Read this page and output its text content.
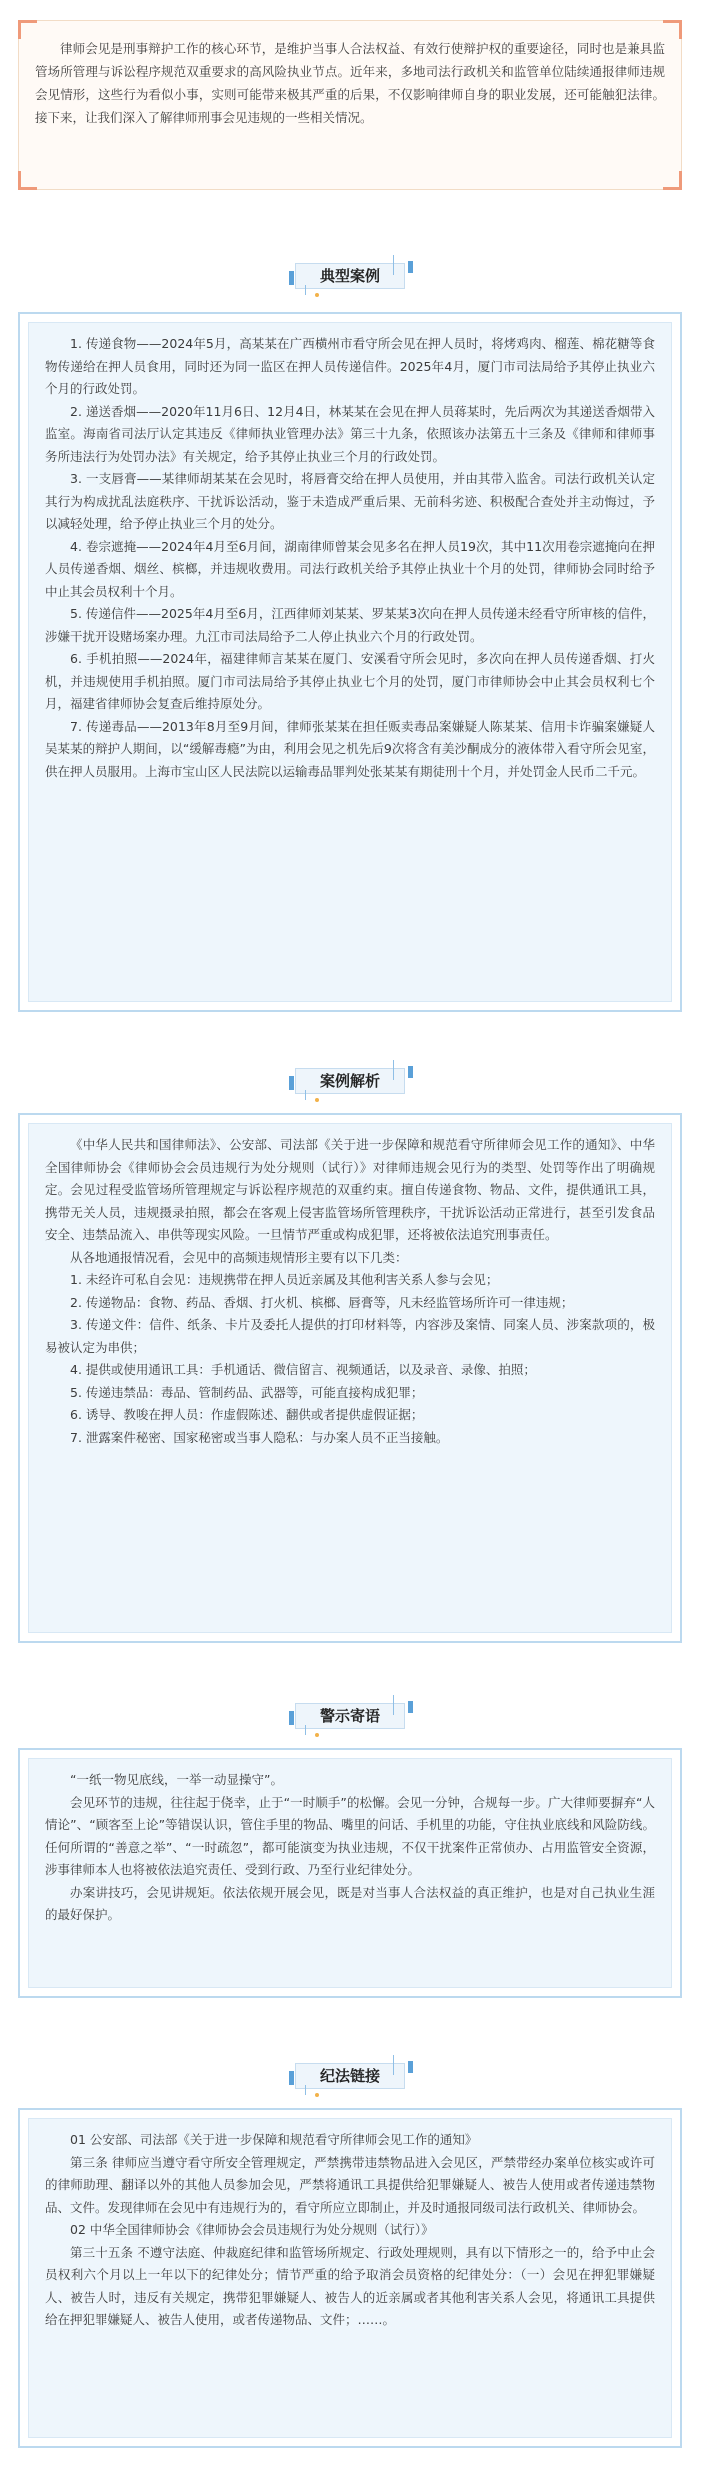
律师会见是刑事辩护工作的核心环节，是维护当事人合法权益、有效行使辩护权的重要途径，同时也是兼具监管场所管理与诉讼程序规范双重要求的高风险执业节点。近年来，多地司法行政机关和监管单位陆续通报律师违规会见情形，这些行为看似小事，实则可能带来极其严重的后果，不仅影响律师自身的职业发展，还可能触犯法律。接下来，让我们深入了解律师刑事会见违规的一些相关情况。

典型案例

1. 传递食物——2024年5月，高某某在广西横州市看守所会见在押人员时，将烤鸡肉、榴莲、棉花糖等食物传递给在押人员食用，同时还为同一监区在押人员传递信件。2025年4月，厦门市司法局给予其停止执业六个月的行政处罚。

2. 递送香烟——2020年11月6日、12月4日，林某某在会见在押人员蒋某时，先后两次为其递送香烟带入监室。海南省司法厅认定其违反《律师执业管理办法》第三十九条，依照该办法第五十三条及《律师和律师事务所违法行为处罚办法》有关规定，给予其停止执业三个月的行政处罚。

3. 一支唇膏——某律师胡某某在会见时，将唇膏交给在押人员使用，并由其带入监舍。司法行政机关认定其行为构成扰乱法庭秩序、干扰诉讼活动，鉴于未造成严重后果、无前科劣迹、积极配合查处并主动悔过，予以减轻处理，给予停止执业三个月的处分。

4. 卷宗遮掩——2024年4月至6月间，湖南律师曾某会见多名在押人员19次，其中11次用卷宗遮掩向在押人员传递香烟、烟丝、槟榔，并违规收费用。司法行政机关给予其停止执业十个月的处罚，律师协会同时给予中止其会员权利十个月。

5. 传递信件——2025年4月至6月，江西律师刘某某、罗某某3次向在押人员传递未经看守所审核的信件，涉嫌干扰开设赌场案办理。九江市司法局给予二人停止执业六个月的行政处罚。

6. 手机拍照——2024年，福建律师言某某在厦门、安溪看守所会见时，多次向在押人员传递香烟、打火机，并违规使用手机拍照。厦门市司法局给予其停止执业七个月的处罚，厦门市律师协会中止其会员权利七个月，福建省律师协会复查后维持原处分。

7. 传递毒品——2013年8月至9月间，律师张某某在担任贩卖毒品案嫌疑人陈某某、信用卡诈骗案嫌疑人吴某某的辩护人期间，以“缓解毒瘾”为由，利用会见之机先后9次将含有美沙酮成分的液体带入看守所会见室，供在押人员服用。上海市宝山区人民法院以运输毒品罪判处张某某有期徒刑十个月，并处罚金人民币二千元。

案例解析

《中华人民共和国律师法》、公安部、司法部《关于进一步保障和规范看守所律师会见工作的通知》、中华全国律师协会《律师协会会员违规行为处分规则（试行）》对律师违规会见行为的类型、处罚等作出了明确规定。会见过程受监管场所管理规定与诉讼程序规范的双重约束。擅自传递食物、物品、文件，提供通讯工具，携带无关人员，违规摄录拍照，都会在客观上侵害监管场所管理秩序，干扰诉讼活动正常进行，甚至引发食品安全、违禁品流入、串供等现实风险。一旦情节严重或构成犯罪，还将被依法追究刑事责任。

从各地通报情况看，会见中的高频违规情形主要有以下几类：

1. 未经许可私自会见：违规携带在押人员近亲属及其他利害关系人参与会见；

2. 传递物品：食物、药品、香烟、打火机、槟榔、唇膏等，凡未经监管场所许可一律违规；

3. 传递文件：信件、纸条、卡片及委托人提供的打印材料等，内容涉及案情、同案人员、涉案款项的，极易被认定为串供；

4. 提供或使用通讯工具：手机通话、微信留言、视频通话，以及录音、录像、拍照；

5. 传递违禁品：毒品、管制药品、武器等，可能直接构成犯罪；

6. 诱导、教唆在押人员：作虚假陈述、翻供或者提供虚假证据；

7. 泄露案件秘密、国家秘密或当事人隐私：与办案人员不正当接触。

警示寄语

“一纸一物见底线，一举一动显操守”。

会见环节的违规，往往起于侥幸，止于“一时顺手”的松懈。会见一分钟，合规每一步。广大律师要摒弃“人情论”、“顾客至上论”等错误认识，管住手里的物品、嘴里的问话、手机里的功能，守住执业底线和风险防线。任何所谓的“善意之举”、“一时疏忽”，都可能演变为执业违规，不仅干扰案件正常侦办、占用监管安全资源，涉事律师本人也将被依法追究责任、受到行政、乃至行业纪律处分。

办案讲技巧，会见讲规矩。依法依规开展会见，既是对当事人合法权益的真正维护，也是对自己执业生涯的最好保护。

纪法链接

01 公安部、司法部《关于进一步保障和规范看守所律师会见工作的通知》

第三条 律师应当遵守看守所安全管理规定，严禁携带违禁物品进入会见区，严禁带经办案单位核实或许可的律师助理、翻译以外的其他人员参加会见，严禁将通讯工具提供给犯罪嫌疑人、被告人使用或者传递违禁物品、文件。发现律师在会见中有违规行为的，看守所应立即制止，并及时通报同级司法行政机关、律师协会。

02 中华全国律师协会《律师协会会员违规行为处分规则（试行）》

第三十五条 不遵守法庭、仲裁庭纪律和监管场所规定、行政处理规则，具有以下情形之一的，给予中止会员权利六个月以上一年以下的纪律处分；情节严重的给予取消会员资格的纪律处分：（一）会见在押犯罪嫌疑人、被告人时，违反有关规定，携带犯罪嫌疑人、被告人的近亲属或者其他利害关系人会见，将通讯工具提供给在押犯罪嫌疑人、被告人使用，或者传递物品、文件；……。
